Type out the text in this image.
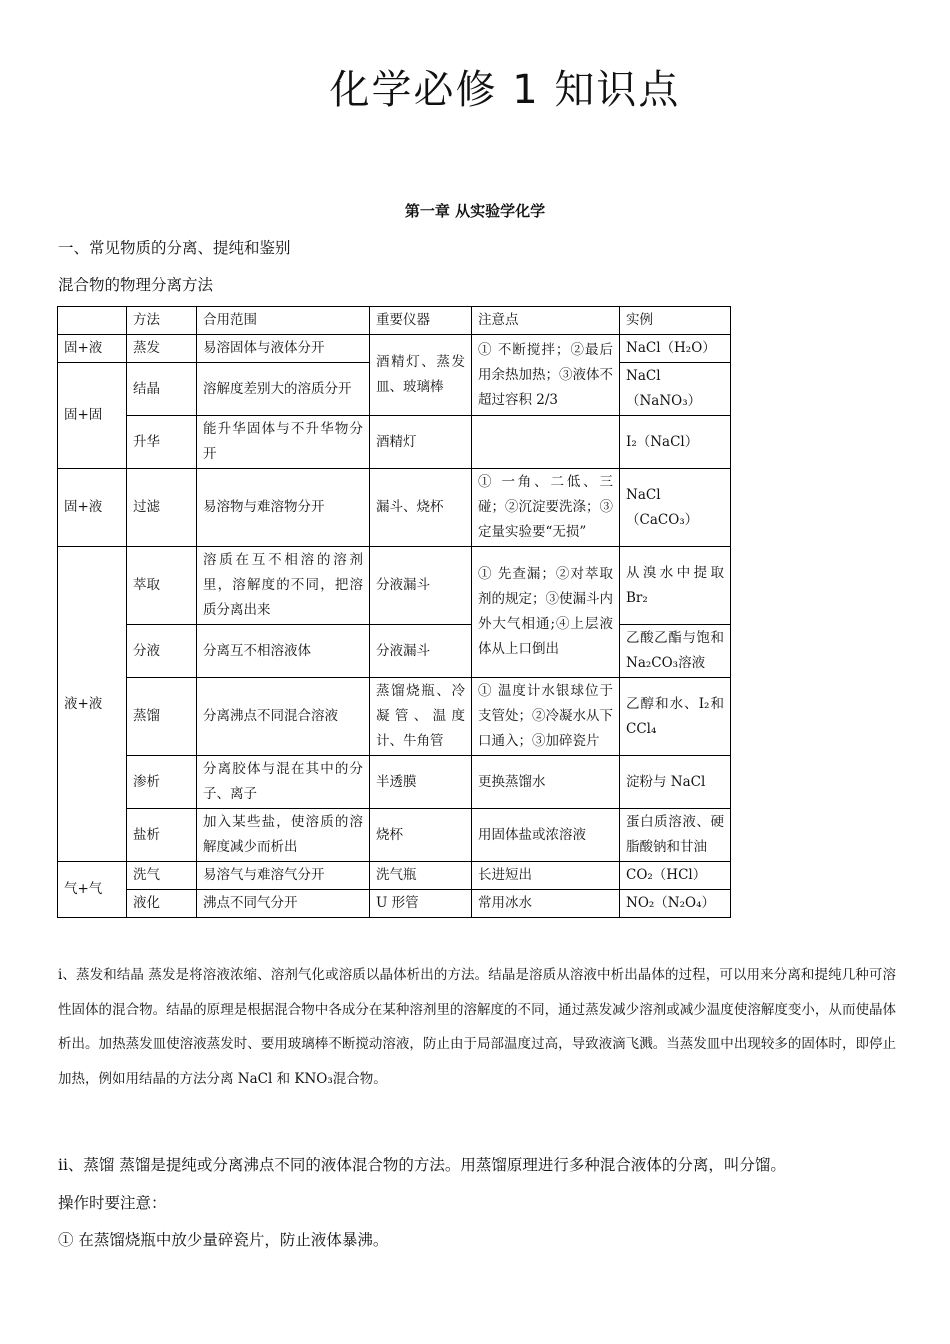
化学必修 1 知识点
第一章 从实验学化学
一、常见物质的分离、提纯和鉴别
混合物的物理分离方法
	方法	合用范围	重要仪器	注意点	实例
固+液	蒸发	易溶固体与液体分开	酒精灯、蒸发皿、玻璃棒	① 不断搅拌；②最后用余热加热；③液体不超过容积 2/3	NaCl（H₂O）
固+固	结晶	溶解度差别大的溶质分开			NaCl（NaNO₃）
	升华	能升华固体与不升华物分开	酒精灯		I₂（NaCl）
固+液	过滤	易溶物与难溶物分开	漏斗、烧杯	① 一角、二低、三碰；②沉淀要洗涤；③定量实验要“无损”	NaCl（CaCO₃）
液+液	萃取	溶质在互不相溶的溶剂里，溶解度的不同，把溶质分离出来	分液漏斗	① 先查漏；②对萃取剂的规定；③使漏斗内外大气相通;④上层液体从上口倒出	从溴水中提取 Br₂
	分液	分离互不相溶液体	分液漏斗		乙酸乙酯与饱和 Na₂CO₃溶液
	蒸馏	分离沸点不同混合溶液	蒸馏烧瓶、冷凝管、温度计、牛角管	① 温度计水银球位于支管处；②冷凝水从下口通入；③加碎瓷片	乙醇和水、I₂和 CCl₄
	渗析	分离胶体与混在其中的分子、离子	半透膜	更换蒸馏水	淀粉与 NaCl
	盐析	加入某些盐，使溶质的溶解度减少而析出	烧杯	用固体盐或浓溶液	蛋白质溶液、硬脂酸钠和甘油
气+气	洗气	易溶气与难溶气分开	洗气瓶	长进短出	CO₂（HCl）
	液化	沸点不同气分开	U 形管	常用冰水	NO₂（N₂O₄）
i、蒸发和结晶 蒸发是将溶液浓缩、溶剂气化或溶质以晶体析出的方法。结晶是溶质从溶液中析出晶体的过程，可以用来分离和提纯几种可溶性固体的混合物。结晶的原理是根据混合物中各成分在某种溶剂里的溶解度的不同，通过蒸发减少溶剂或减少温度使溶解度变小，从而使晶体析出。加热蒸发皿使溶液蒸发时、要用玻璃棒不断搅动溶液，防止由于局部温度过高，导致液滴飞溅。当蒸发皿中出现较多的固体时，即停止加热，例如用结晶的方法分离 NaCl 和 KNO₃混合物。
ii、蒸馏 蒸馏是提纯或分离沸点不同的液体混合物的方法。用蒸馏原理进行多种混合液体的分离，叫分馏。
操作时要注意：
① 在蒸馏烧瓶中放少量碎瓷片，防止液体暴沸。
